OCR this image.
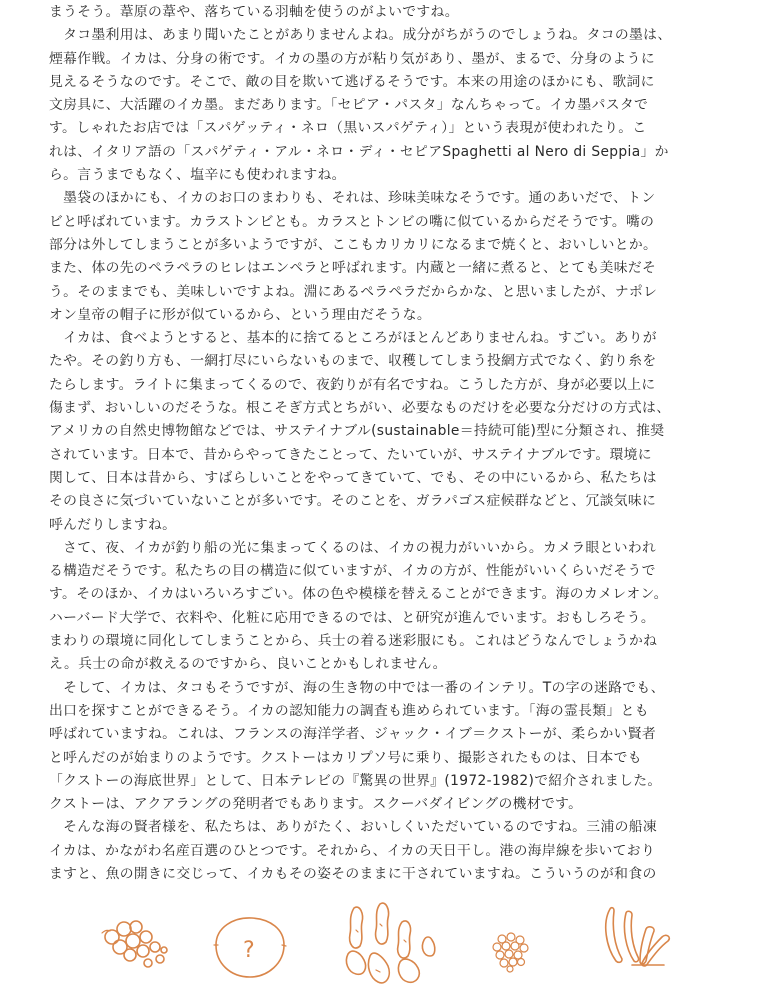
まうそう。葦原の葦や、落ちている羽軸を使うのがよいですね。
　タコ墨利用は、あまり聞いたことがありませんよね。成分がちがうのでしょうね。タコの墨は、
煙幕作戦。イカは、分身の術です。イカの墨の方が粘り気があり、墨が、まるで、分身のように
見えるそうなのです。そこで、敵の目を欺いて逃げるそうです。本来の用途のほかにも、歌詞に
文房具に、大活躍のイカ墨。まだあります。「セピア・パスタ」なんちゃって。イカ墨パスタで
す。しゃれたお店では「スパゲッティ・ネロ（黒いスパゲティ）」という表現が使われたり。こ
れは、イタリア語の「スパゲティ・アル・ネロ・ディ・セピアSpaghetti al Nero di Seppia」か
ら。言うまでもなく、塩辛にも使われますね。
　墨袋のほかにも、イカのお口のまわりも、それは、珍味美味なそうです。通のあいだで、トン
ビと呼ばれています。カラストンビとも。カラスとトンビの嘴に似ているからだそうです。嘴の
部分は外してしまうことが多いようですが、ここもカリカリになるまで焼くと、おいしいとか。
また、体の先のペラペラのヒレはエンペラと呼ばれます。内蔵と一緒に煮ると、とても美味だそ
う。そのままでも、美味しいですよね。淵にあるペラペラだからかな、と思いましたが、ナポレ
オン皇帝の帽子に形が似ているから、という理由だそうな。
　イカは、食べようとすると、基本的に捨てるところがほとんどありませんね。すごい。ありが
たや。その釣り方も、一網打尽にいらないものまで、収穫してしまう投網方式でなく、釣り糸を
たらします。ライトに集まってくるので、夜釣りが有名ですね。こうした方が、身が必要以上に
傷まず、おいしいのだそうな。根こそぎ方式とちがい、必要なものだけを必要な分だけの方式は、
アメリカの自然史博物館などでは、サステイナブル(sustainable＝持続可能)型に分類され、推奨
されています。日本で、昔からやってきたことって、たいていが、サステイナブルです。環境に
関して、日本は昔から、すばらしいことをやってきていて、でも、その中にいるから、私たちは
その良さに気づいていないことが多いです。そのことを、ガラパゴス症候群などと、冗談気味に
呼んだりしますね。
　さて、夜、イカが釣り船の光に集まってくるのは、イカの視力がいいから。カメラ眼といわれ
る構造だそうです。私たちの目の構造に似ていますが、イカの方が、性能がいいくらいだそうで
す。そのほか、イカはいろいろすごい。体の色や模様を替えることができます。海のカメレオン。
ハーバード大学で、衣料や、化粧に応用できるのでは、と研究が進んでいます。おもしろそう。
まわりの環境に同化してしまうことから、兵士の着る迷彩服にも。これはどうなんでしょうかね
え。兵士の命が救えるのですから、良いことかもしれません。
　そして、イカは、タコもそうですが、海の生き物の中では一番のインテリ。Tの字の迷路でも、
出口を探すことができるそう。イカの認知能力の調査も進められています。「海の霊長類」とも
呼ばれていますね。これは、フランスの海洋学者、ジャック・イブ＝クストーが、柔らかい賢者
と呼んだのが始まりのようです。クストーはカリプソ号に乗り、撮影されたものは、日本でも
「クストーの海底世界」として、日本テレビの『驚異の世界』(1972-1982)で紹介されました。
クストーは、アクアラングの発明者でもあります。スクーバダイビングの機材です。
　そんな海の賢者様を、私たちは、ありがたく、おいしくいただいているのですね。三浦の船凍
イカは、かながわ名産百選のひとつです。それから、イカの天日干し。港の海岸線を歩いており
ますと、魚の開きに交じって、イカもその姿そのままに干されていますね。こういうのが和食の
?
